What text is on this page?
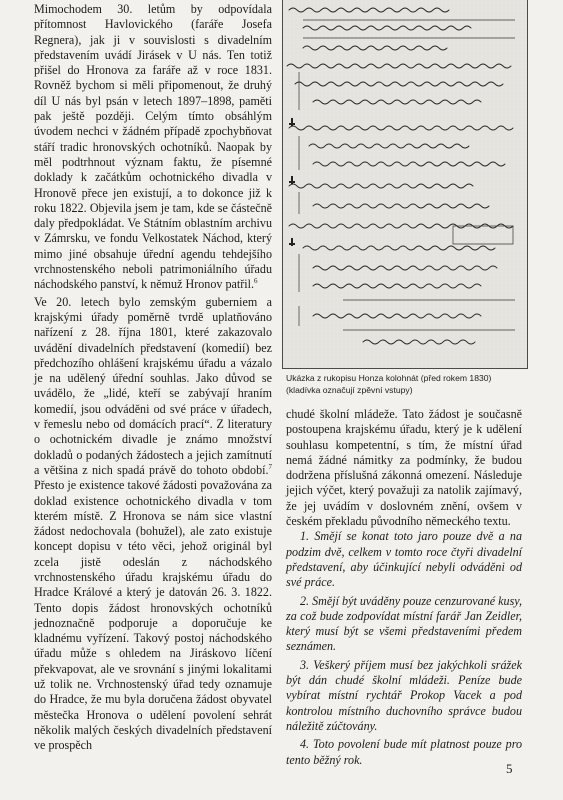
Mimochodem 30. letům by odpovídala přítomnost Havlovického (faráře Josefa Regnera), jak ji v souvislosti s divadelním představením uvádí Jirásek v U nás. Ten totiž přišel do Hronova za faráře až v roce 1831. Rovněž bychom si měli připomenout, že druhý díl U nás byl psán v letech 1897–1898, paměti pak ještě později. Celým tímto obsáhlým úvodem nechci v žádném případě zpochybňovat stáří tradic hronovských ochotníků. Naopak by měl podtrhnout význam faktu, že písemné doklady k začátkům ochotnického divadla v Hronově přece jen existují, a to dokonce již k roku 1822. Objevila jsem je tam, kde se částečně daly předpokládat. Ve Státním oblastním archivu v Zámrsku, ve fondu Velkostatek Náchod, který mimo jiné obsahuje úřední agendu tehdejšího vrchnostenského neboli patrimoniálního úřadu náchodského panství, k němuž Hronov patřil.$^6$

Ve 20. letech bylo zemským guberniem a krajskými úřady poměrně tvrdě uplatňováno nařízení z 28. října 1801, které zakazovalo uvádění divadelních představení (komedií) bez předchozího ohlášení krajskému úřadu a vázalo je na udělený úřední souhlas. Jako důvod se uvádělo, že „lidé, kteří se zabývají hraním komedií, jsou odváděni od své práce v úřadech, v řemeslu nebo od domácích prací“. Z literatury o ochotnickém divadle je známo množství dokladů o podaných žádostech a jejich zamítnutí a většina z nich spadá právě do tohoto období.$^7$ Přesto je existence takové žádosti považována za doklad existence ochotnického divadla v tom kterém místě. Z Hronova se nám sice vlastní žádost nedochovala (bohužel), ale zato existuje koncept dopisu v této věci, jehož originál byl zcela jistě odeslán z náchodského vrchnostenského úřadu krajskému úřadu do Hradce Králové a který je datován 26. 3. 1822. Tento dopis žádost hronovských ochotníků jednoznačně podporuje a doporučuje ke kladnému vyřízení. Takový postoj náchodského úřadu může s ohledem na Jiráskovo líčení překvapovat, ale ve srovnání s jinými lokalitami už tolik ne. Vrchnostenský úřad tedy oznamuje do Hradce, že mu byla doručena žádost obyvatel městečka Hronova o udělení povolení sehrát několik malých českých divadelních představení ve prospěch

Ukázka z rukopisu Honza kolohnát (před rokem 1830)
(kladívka označují zpěvní vstupy)

chudé školní mládeže. Tato žádost je současně postoupena krajskému úřadu, který je k udělení souhlasu kompetentní, s tím, že místní úřad nemá žádné námitky za podmínky, že budou dodržena příslušná zákonná omezení. Následuje jejich výčet, který považuji za natolik zajímavý, že jej uvádím v doslovném znění, ovšem v českém překladu původního německého textu.

1. Smějí se konat toto jaro pouze dvě a na podzim dvě, celkem v tomto roce čtyři divadelní představení, aby účinkující nebyli odváděni od své práce.

2. Smějí být uváděny pouze cenzurované kusy, za což bude zodpovídat místní farář Jan Zeidler, který musí být se všemi představeními předem seznámen.

3. Veškerý příjem musí bez jakýchkoli srážek být dán chudé školní mládeži. Peníze bude vybírat místní rychtář Prokop Vacek a pod kontrolou místního duchovního správce budou náležitě zúčtovány.

4. Toto povolení bude mít platnost pouze pro tento běžný rok.

5
